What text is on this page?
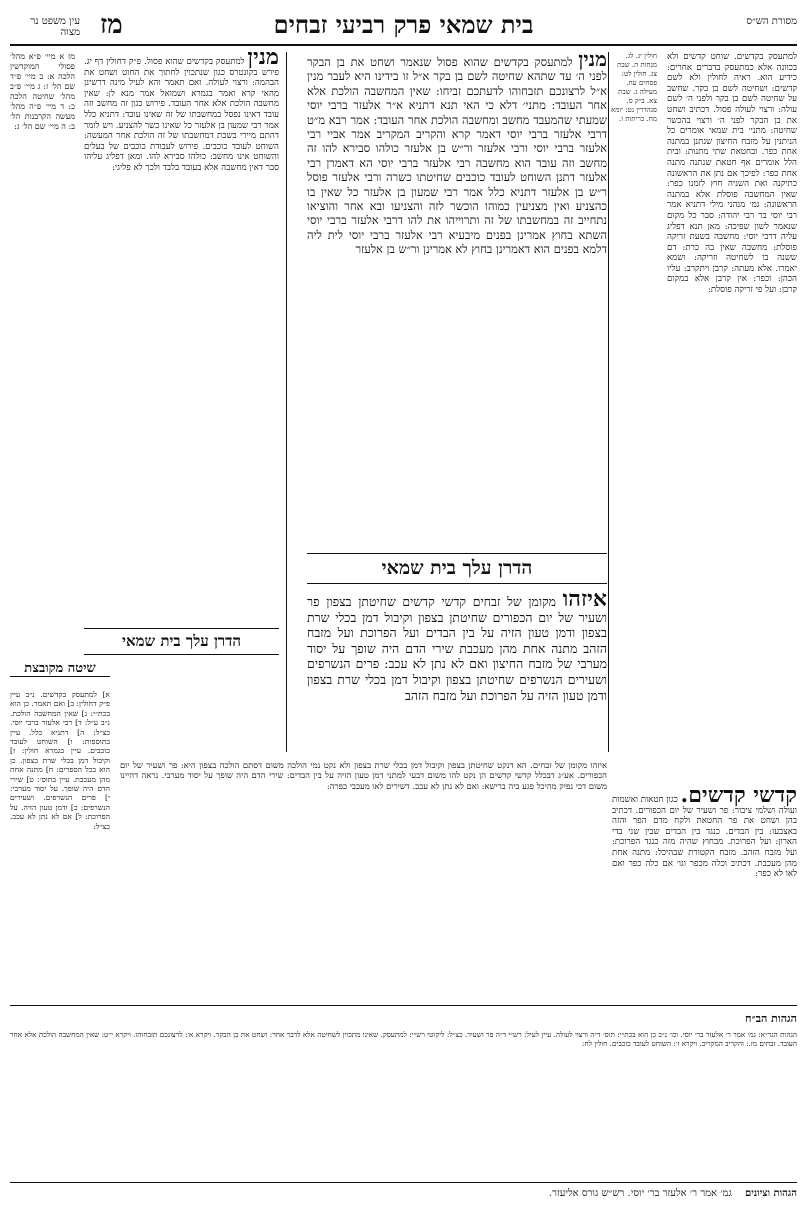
מסורת הש״ס
בית שמאי פרק רביעי זבחים
מז
עין משפט נר מצוה

למתעסק בקדשים. שוחט קדשים ולא בכוונה אלא כמתעסק בדברים אחרים: כידיע הוא. ראיה לחולין ולא לשם קדשים: ושחיטה לשם בן בקר. שחשב על שחיטה לשם בן בקר ולפני ה׳ לשם עולה: ורצוי לעולה פסול. דכתיב ושחט את בן הבקר לפני ה׳ ורצוי בהכשר שחיטה: מתני׳ בית שמאי אומרים כל הניתנין על מזבח החיצון שנתנן במתנה אחת כפר. ובחטאת שתי מתנות: ובית הלל אומרים אף חטאת שנתנה מתנה אחת כפר: לפיכך אם נתן את הראשונה כתיקנה ואת השניה חוץ לזמנו כפר: שאין המחשבה פוסלת אלא במתנה הראשונה: גמ׳ מנהני מילי דתניא אמר רבי יוסי בר רבי יהודה: סבר כל מקום שנאמר לשון שפיכה: מאן תנא דפליג עליה דרבי יוסי: מחשבה בשעת זריקה פוסלת: מחשבה שאין בה כרת: דם ששנה בו לשחיטה וזריקה: ושמא יאמרו. אלא מעתה: קרבן ויתקרב: עליו הכהן: וכפר: אין קרבן אלא במקום קרבן: ועל פי זריקה פוסלת:

חולין יג. לג. מנחות ה. שבת צג. חולין לט: פסחים עח. מעילה ג. שבת צא. ב״ק ס. סנהדרין נט: יומא מח. כריתות ו.

מנין למתעסק בקדשים שהוא פסול שנאמר ושחט את בן הבקר לפני ה׳ עד שתהא שחיטה לשם בן בקר א״ל זו בידינו היא לעבר מנין א״ל לרצונכם תזבחוהו לדעתכם זביחו: שאין המחשבה הולכת אלא אחר העובד: מתני׳ דלא כי האי תנא דתניא א״ר אלעזר ברבי יוסי שמעתי שהמעבד מחשב ומחשבה הולכת אחר העובד: אמר רבא מ״ט דרבי אלעזר ברבי יוסי דאמר קרא והקריב המקריב אמר אביי רבי אלעזר ברבי יוסי ורבי אלעזר ור״ש בן אלעזר כולהו סבירא להו זה מחשב וזה עובד הוא מחשבה רבי אלעזר ברבי יוסי הא דאמרן רבי אלעזר דתנן השוחט לעובד כוכבים שחיטתו כשרה ורבי אלעזר פוסל ר״ש בן אלעזר דתניא כלל אמר רבי שמעון בן אלעזר כל שאין בו כהצניע ואין מצניעין כמוהו הוכשר לזה והצניעו ובא אחר והוציאו נתחייב זה במחשבתו של זה ותרוייהו את להו דרבי אלעזר ברבי יוסי השתא בחוץ אמרינן בפנים מיבעיא רבי אלעזר ברבי יוסי לית ליה דלמא בפנים הוא דאמרינן בחוץ לא אמרינן ור״ש בן אלעזר

הדרן עלך בית שמאי
איזהו מקומן של זבחים קדשי קדשים שחיטתן בצפון פר ושעיר של יום הכפורים שחיטתן בצפון וקיבול דמן בכלי שרת בצפון ודמן טעון הזיה על בין הבדים ועל הפרוכת ועל מזבח הזהב מתנה אחת מהן מעכבת שירי הדם היה שופך על יסוד מערבי של מזבח החיצון ואם לא נתן לא עכב: פרים הנשרפים ושעירים הנשרפים שחיטתן בצפון וקיבול דמן בכלי שרת בצפון ודמן טעון הזיה על הפרוכת ועל מזבח הזהב

מנין למתעסק בקדשים שהוא פסול. פ״ק דחולין דף יג. פירש בקונטרס כגון שנתכוין לחתוך את החוט ושחט את הבהמה: ורצוי לעולה. ואם תאמר והא לעיל מינה דרשינן מהאי קרא ואמר בגמרא ושמואל אמר מנא לן: שאין מחשבה הולכת אלא אחר העובד. פירוש כגון זה מחשב וזה עובד דאינו נפסל במחשבתו של זה שאינו עובד: דתניא כלל אמר רבי שמעון בן אלעזר כל שאינו כשר להצניע. ויש לומר דהתם מיירי בשבת דמחשבתו של זה הולכת אחר המעשה: השוחט לעובד כוכבים. פירוש לעבודת כוכבים של בעלים והשוחט אינו מחשב: כולהו סבירא להו. ומאן דפליג עליהו סבר דאין מחשבה אלא בעובד בלבד ולכך לא פליגי:

הדרן עלך בית שמאי

מז א מיי׳ פ״א מהל׳ פסולי המוקדשין הלכה א: ב מיי׳ פ״ד שם הל׳ ז: ג מיי׳ פ״ב מהל׳ שחיטה הלכה כ: ד מיי׳ פ״ה מהל׳ מעשה הקרבנות הל׳ ב: ה מיי׳ שם הל׳ ג:

שיטה מקובצת

א] למתעסק בקדשים. נ״ב עיין פ״ק דחולין: ב] ואם תאמר. כן הוא בכת״י: ג] שאין המחשבה הולכת. נ״ב ע״ל: ד] רבי אלעזר ברבי יוסי. כצ״ל: ה] דתניא כלל. עיין בתוספות: ו] השוחט לעובד כוכבים. עיין בגמרא חולין: ז] וקיבול דמן בכלי שרת בצפון. כן הוא בכל הספרים: ח] מתנה אחת מהן מעכבת. עיין בתוס׳: ט] שירי הדם היה שופך. על יסוד מערבי: י] פרים הנשרפים. ושעירים הנשרפים: כ] ודמן טעון הזיה. על הפרוכת: ל] אם לא נתן לא עכב. כצ״ל:

קדשי קדשים. כגון חטאות ואשמות ועולה ושלמי ציבור: פר ושעיר של יום הכפורים. דכתיב בהן ושחט את פר החטאת ולקח מדם הפר והזה באצבעו: בין הבדים. כנגד בין הבדים שבין שני בדי הארון: ועל הפרוכת. מבחוץ שהיה מזה כנגד הפרוכת: ועל מזבח הזהב. מזבח הקטורת שבהיכל: מתנה אחת מהן מעכבת. דכתיב וכלה מכפר וגו׳ אם כלה כפר ואם לאו לא כפר:

איזהו מקומן של זבחים. הא דנקט שחיטתן בצפון וקיבול דמן בכלי שרת בצפון ולא נקט נמי הולכה משום דסתם הולכה בצפון היא: פר ושעיר של יום הכפורים. אע״ג דבכלל קדשי קדשים הן נקט להו משום דבעי למתני דמן טעון הזיה על בין הבדים: שירי הדם היה שופך על יסוד מערבי. נראה דהיינו משום דכי נפיק מהיכל פגע ביה ברישא: ואם לא נתן לא עכב. דשירים לאו מעכבי כפרה:

הגהות הב״ח

הגהות הגר״א: גמ׳ אמר ר׳ אלעזר בר׳ יוסי. וכו׳ נ״ב כן הוא בכת״י: תוס׳ ד״ה ורצוי לעולה. עיין לעיל: רש״י ד״ה פר ושעיר. כצ״ל: ליקוטי רש״י: למתעסק. שאינו מתכוין לשחיטה אלא לדבר אחר: ושחט את בן הבקר. ויקרא א׳: לרצונכם תזבחוהו. ויקרא י״ט: שאין המחשבה הולכת אלא אחר העובד. זבחים מז.: והקריב המקריב. ויקרא ז׳: השוחט לעובד כוכבים. חולין לח:

הגהות וציונים גמ׳ אמר ר׳ אלעזר בר׳ יוסי. רש״ש גורס אליעזר.
